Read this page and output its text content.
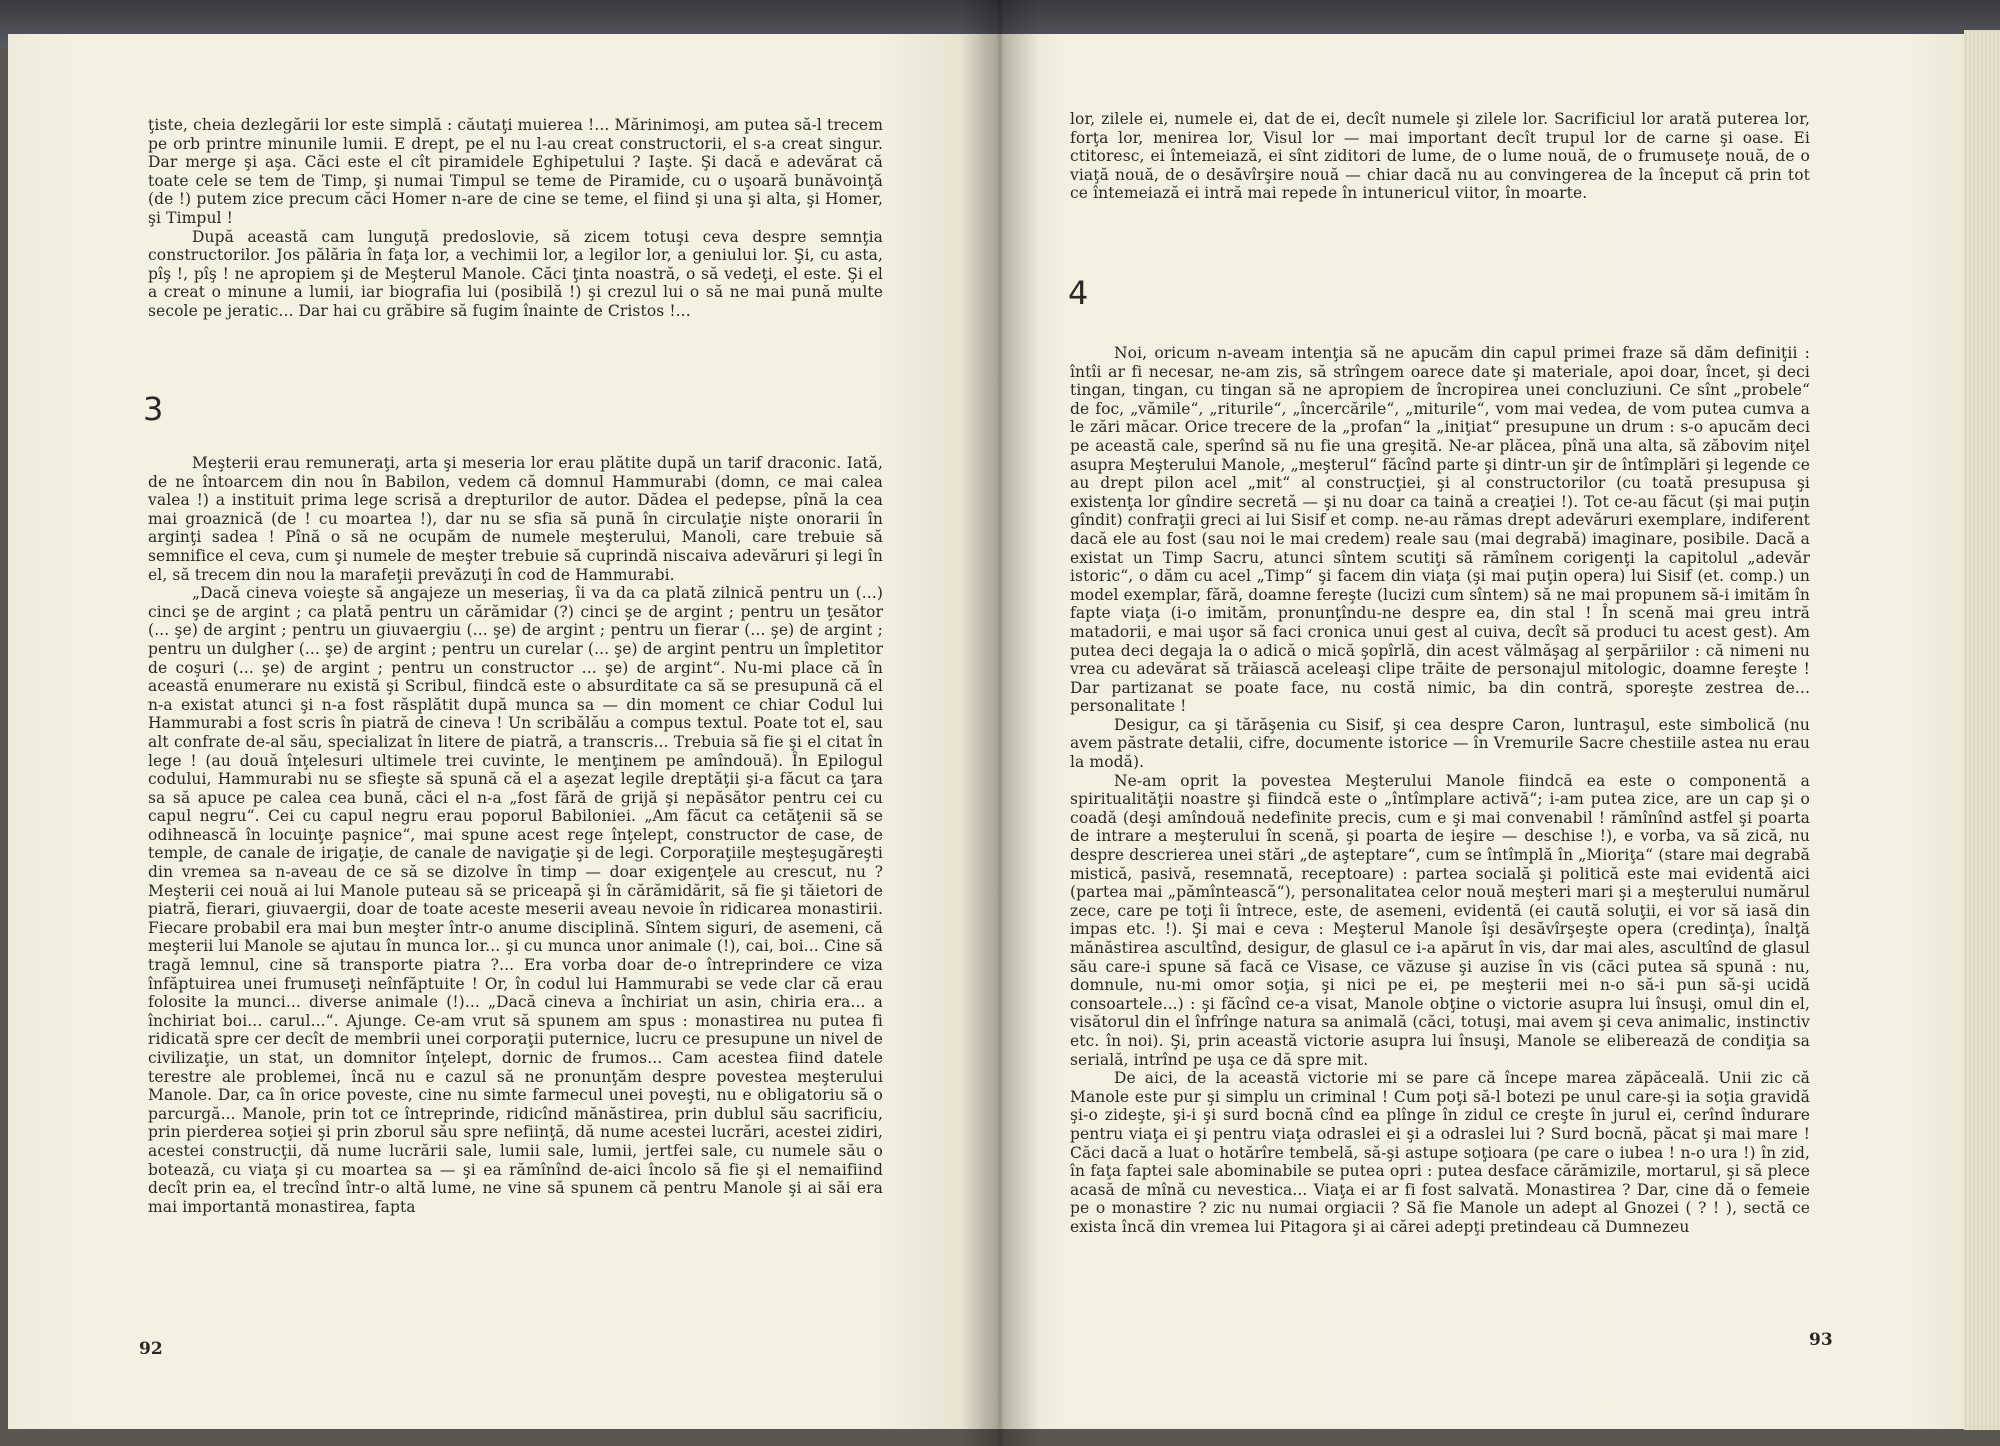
ţiste, cheia dezlegării lor este simplă : căutaţi muierea !... Mărinimoşi, am putea să-l trecem pe orb printre minunile lumii. E drept, pe el nu l-au creat constructorii, el s-a creat singur. Dar merge şi aşa. Căci este el cît piramidele Eghipetului ? Iaşte. Şi dacă e adevărat că toate cele se tem de Timp, şi numai Timpul se teme de Piramide, cu o uşoară bunăvoinţă (de !) putem zice precum căci Homer n-are de cine se teme, el fiind şi una şi alta, şi Homer, şi Timpul !

După această cam lunguţă predoslovie, să zicem totuşi ceva despre semnţia constructorilor. Jos pălăria în faţa lor, a vechimii lor, a legilor lor, a geniului lor. Şi, cu asta, pîş !, pîş ! ne apropiem şi de Meşterul Manole. Căci ţinta noastră, o să vedeţi, el este. Şi el a creat o minune a lumii, iar biografia lui (posibilă !) şi crezul lui o să ne mai pună multe secole pe jeratic... Dar hai cu grăbire să fugim înainte de Cristos !...

3

Meşterii erau remuneraţi, arta şi meseria lor erau plătite după un tarif draconic. Iată, de ne întoarcem din nou în Babilon, vedem că domnul Hammurabi (domn, ce mai calea valea !) a instituit prima lege scrisă a drepturilor de autor. Dădea el pedepse, pînă la cea mai groaznică (de ! cu moartea !), dar nu se sfia să pună în circulaţie nişte onorarii în arginţi sadea ! Pînă o să ne ocupăm de numele meşterului, Manoli, care trebuie să semnifice el ceva, cum şi numele de meşter trebuie să cuprindă niscaiva adevăruri şi legi în el, să trecem din nou la marafeţii prevăzuţi în cod de Hammurabi.

„Dacă cineva voieşte să angajeze un meseriaş, îi va da ca plată zilnică pentru un (...) cinci şe de argint ; ca plată pentru un cărămidar (?) cinci şe de argint ; pentru un ţesător (... şe) de argint ; pentru un giuvaergiu (... şe) de argint ; pentru un fierar (... şe) de argint ; pentru un dulgher (... şe) de argint ; pentru un curelar (... şe) de argint pentru un împletitor de coşuri (... şe) de argint ; pentru un constructor ... şe) de argint“. Nu-mi place că în această enumerare nu există şi Scribul, fiindcă este o absurditate ca să se presupună că el n-a existat atunci şi n-a fost răsplătit după munca sa — din moment ce chiar Codul lui Hammurabi a fost scris în piatră de cineva ! Un scribălău a compus textul. Poate tot el, sau alt confrate de-al său, specializat în litere de piatră, a transcris... Trebuia să fie şi el citat în lege ! (au două înţelesuri ultimele trei cuvinte, le menţinem pe amîndouă). În Epilogul codului, Hammurabi nu se sfieşte să spună că el a aşezat legile dreptăţii şi-a făcut ca ţara sa să apuce pe calea cea bună, căci el n-a „fost fără de grijă şi nepăsător pentru cei cu capul negru“. Cei cu capul negru erau poporul Babiloniei. „Am făcut ca cetăţenii să se odihnească în locuinţe paşnice“, mai spune acest rege înţelept, constructor de case, de temple, de canale de irigaţie, de canale de navigaţie şi de legi. Corporaţiile meşteşugăreşti din vremea sa n-aveau de ce să se dizolve în timp — doar exigenţele au crescut, nu ? Meşterii cei nouă ai lui Manole puteau să se priceapă şi în cărămidărit, să fie şi tăietori de piatră, fierari, giuvaergii, doar de toate aceste meserii aveau nevoie în ridicarea monastirii. Fiecare probabil era mai bun meşter într-o anume disciplină. Sîntem siguri, de asemeni, că meşterii lui Manole se ajutau în munca lor... şi cu munca unor animale (!), cai, boi... Cine să tragă lemnul, cine să transporte piatra ?... Era vorba doar de-o întreprindere ce viza înfăptuirea unei frumuseţi neînfăptuite ! Or, în codul lui Hammurabi se vede clar că erau folosite la munci... diverse animale (!)... „Dacă cineva a închiriat un asin, chiria era... a închiriat boi... carul...“. Ajunge. Ce-am vrut să spunem am spus : monastirea nu putea fi ridicată spre cer decît de membrii unei corporaţii puternice, lucru ce presupune un nivel de civilizaţie, un stat, un domnitor înţelept, dornic de frumos... Cam acestea fiind datele terestre ale problemei, încă nu e cazul să ne pronunţăm despre povestea meşterului Manole. Dar, ca în orice poveste, cine nu simte farmecul unei poveşti, nu e obligatoriu să o parcurgă... Manole, prin tot ce întreprinde, ridicînd mănăstirea, prin dublul său sacrificiu, prin pierderea soţiei şi prin zborul său spre nefiinţă, dă nume acestei lucrări, acestei zidiri, acestei construcţii, dă nume lucrării sale, lumii sale, lumii, jertfei sale, cu numele său o botează, cu viaţa şi cu moartea sa — şi ea rămînînd de-aici încolo să fie şi el nemaifiind decît prin ea, el trecînd într-o altă lume, ne vine să spunem că pentru Manole şi ai săi era mai importantă monastirea, fapta

92

lor, zilele ei, numele ei, dat de ei, decît numele şi zilele lor. Sacrificiul lor arată puterea lor, forţa lor, menirea lor, Visul lor — mai important decît trupul lor de carne şi oase. Ei ctitoresc, ei întemeiază, ei sînt ziditori de lume, de o lume nouă, de o frumuseţe nouă, de o viaţă nouă, de o desăvîrşire nouă — chiar dacă nu au convingerea de la început că prin tot ce întemeiază ei intră mai repede în intunericul viitor, în moarte.

4

Noi, oricum n-aveam intenţia să ne apucăm din capul primei fraze să dăm definiţii : întîi ar fi necesar, ne-am zis, să strîngem oarece date şi materiale, apoi doar, încet, şi deci tingan, tingan, cu tingan să ne apropiem de încropirea unei concluziuni. Ce sînt „probele“ de foc, „vămile“, „riturile“, „încercările“, „miturile“, vom mai vedea, de vom putea cumva a le zări măcar. Orice trecere de la „profan“ la „iniţiat“ presupune un drum : s-o apucăm deci pe această cale, sperînd să nu fie una greşită. Ne-ar plăcea, pînă una alta, să zăbovim niţel asupra Meşterului Manole, „meşterul“ făcînd parte şi dintr-un şir de întîmplări şi legende ce au drept pilon acel „mit“ al construcţiei, şi al constructorilor (cu toată presupusa şi existenţa lor gîndire secretă — şi nu doar ca taină a creaţiei !). Tot ce-au făcut (şi mai puţin gîndit) confraţii greci ai lui Sisif et comp. ne-au rămas drept adevăruri exemplare, indiferent dacă ele au fost (sau noi le mai credem) reale sau (mai degrabă) imaginare, posibile. Dacă a existat un Timp Sacru, atunci sîntem scutiţi să rămînem corigenţi la capitolul „adevăr istoric“, o dăm cu acel „Timp“ şi facem din viaţa (şi mai puţin opera) lui Sisif (et. comp.) un model exemplar, fără, doamne fereşte (lucizi cum sîntem) să ne mai propunem să-i imităm în fapte viaţa (i-o imităm, pronunţîndu-ne despre ea, din stal ! În scenă mai greu intră matadorii, e mai uşor să faci cronica unui gest al cuiva, decît să produci tu acest gest). Am putea deci degaja la o adică o mică şopîrlă, din acest vălmăşag al şerpăriilor : că nimeni nu vrea cu adevărat să trăiască aceleaşi clipe trăite de personajul mitologic, doamne fereşte ! Dar partizanat se poate face, nu costă nimic, ba din contră, sporeşte zestrea de... personalitate !

Desigur, ca şi tărăşenia cu Sisif, şi cea despre Caron, luntraşul, este simbolică (nu avem păstrate detalii, cifre, documente istorice — în Vremurile Sacre chestiile astea nu erau la modă).

Ne-am oprit la povestea Meşterului Manole fiindcă ea este o componentă a spiritualităţii noastre şi fiindcă este o „întîmplare activă“; i-am putea zice, are un cap şi o coadă (deşi amîndouă nedefinite precis, cum e şi mai convenabil ! rămînînd astfel şi poarta de intrare a meşterului în scenă, şi poarta de ieşire — deschise !), e vorba, va să zică, nu despre descrierea unei stări „de aşteptare“, cum se întîmplă în „Mioriţa“ (stare mai degrabă mistică, pasivă, resemnată, receptoare) : partea socială şi politică este mai evidentă aici (partea mai „pămîntească“), personalitatea celor nouă meşteri mari şi a meşterului numărul zece, care pe toţi îi întrece, este, de asemeni, evidentă (ei caută soluţii, ei vor să iasă din impas etc. !). Şi mai e ceva : Meşterul Manole îşi desăvîrşeşte opera (credinţa), înalţă mănăstirea ascultînd, desigur, de glasul ce i-a apărut în vis, dar mai ales, ascultînd de glasul său care-i spune să facă ce Visase, ce văzuse şi auzise în vis (căci putea să spună : nu, domnule, nu-mi omor soţia, şi nici pe ei, pe meşterii mei n-o să-i pun să-şi ucidă consoartele...) : şi făcînd ce-a visat, Manole obţine o victorie asupra lui însuşi, omul din el, visătorul din el înfrînge natura sa animală (căci, totuşi, mai avem şi ceva animalic, instinctiv etc. în noi). Şi, prin această victorie asupra lui însuşi, Manole se eliberează de condiţia sa serială, intrînd pe uşa ce dă spre mit.

De aici, de la această victorie mi se pare că începe marea zăpăceală. Unii zic că Manole este pur şi simplu un criminal ! Cum poţi să-l botezi pe unul care-şi ia soţia gravidă şi-o zideşte, şi-i şi surd bocnă cînd ea plînge în zidul ce creşte în jurul ei, cerînd îndurare pentru viaţa ei şi pentru viaţa odraslei ei şi a odraslei lui ? Surd bocnă, păcat şi mai mare ! Căci dacă a luat o hotărîre tembelă, să-şi astupe soţioara (pe care o iubea ! n-o ura !) în zid, în faţa faptei sale abominabile se putea opri : putea desface cărămizile, mortarul, şi să plece acasă de mînă cu nevestica... Viaţa ei ar fi fost salvată. Monastirea ? Dar, cine dă o femeie pe o monastire ? zic nu numai orgiacii ? Să fie Manole un adept al Gnozei ( ? ! ), sectă ce exista încă din vremea lui Pitagora şi ai cărei adepţi pretindeau că Dumnezeu

93
